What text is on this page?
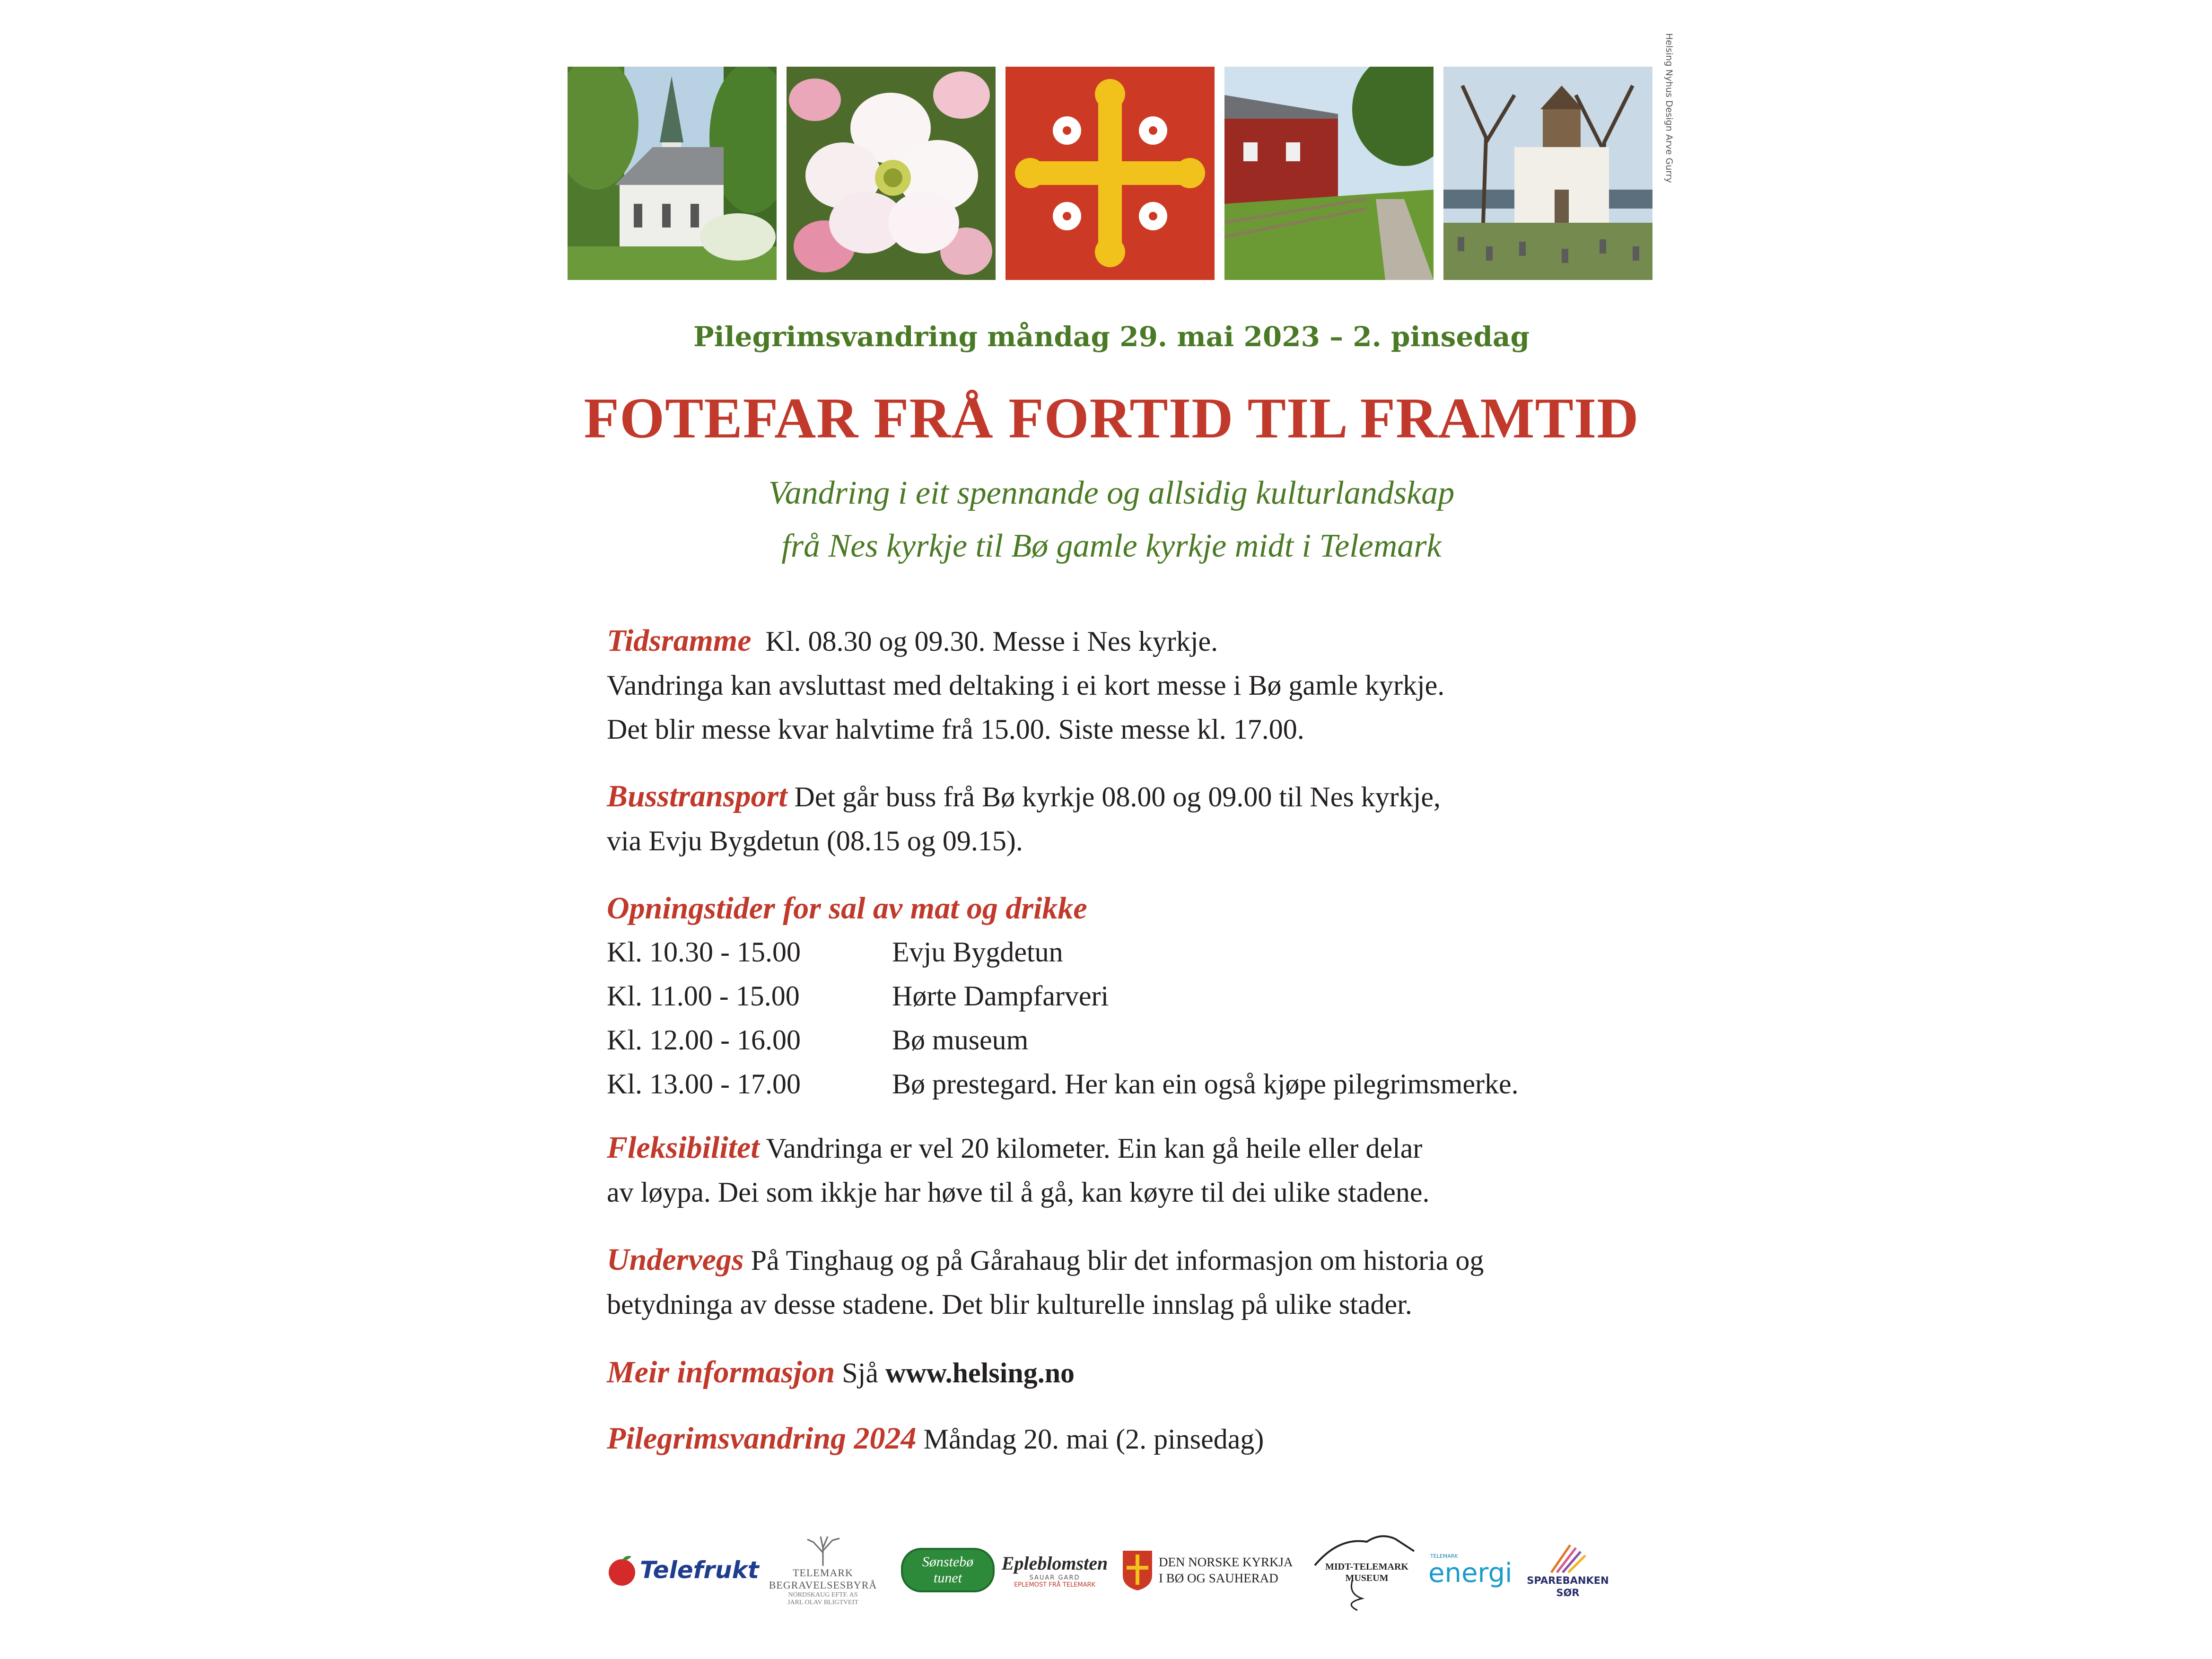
Helsing Nyhus Design Arve Gurry
Pilegrimsvandring måndag 29. mai 2023 – 2. pinsedag
FOTEFAR FRÅ FORTID TIL FRAMTID
Vandring i eit spennande og allsidig kulturlandskap
frå Nes kyrkje til Bø gamle kyrkje midt i Telemark
Tidsramme Kl. 08.30 og 09.30. Messe i Nes kyrkje.
Vandringa kan avsluttast med deltaking i ei kort messe i Bø gamle kyrkje.
Det blir messe kvar halvtime frå 15.00. Siste messe kl. 17.00.
Busstransport Det går buss frå Bø kyrkje 08.00 og 09.00 til Nes kyrkje,
via Evju Bygdetun (08.15 og 09.15).
Opningstider for sal av mat og drikke
Kl. 10.30 - 15.00	Evju Bygdetun
Kl. 11.00 - 15.00	Hørte Dampfarveri
Kl. 12.00 - 16.00	Bø museum
Kl. 13.00 - 17.00	Bø prestegard. Her kan ein også kjøpe pilegrimsmerke.
Fleksibilitet Vandringa er vel 20 kilometer. Ein kan gå heile eller delar
av løypa. Dei som ikkje har høve til å gå, kan køyre til dei ulike stadene.
Undervegs På Tinghaug og på Gårahaug blir det informasjon om historia og
betydninga av desse stadene. Det blir kulturelle innslag på ulike stader.
Meir informasjon Sjå www.helsing.no
Pilegrimsvandring 2024 Måndag 20. mai (2. pinsedag)
Telefrukt	TELEMARK BEGRAVELSESBYRÅ
NORDSKAUG EFTF. AS
JARL OLAV BLIGTVEIT
Sønstebø
tunet
Epleblomsten
SAUAR GARD
EPLEMOST FRÅ TELEMARK
DEN NORSKE KYRKJA
I BØ OG SAUHERAD
MIDT-TELEMARK
MUSEUM
TELEMARK
energi SPAREBANKEN
SØR
